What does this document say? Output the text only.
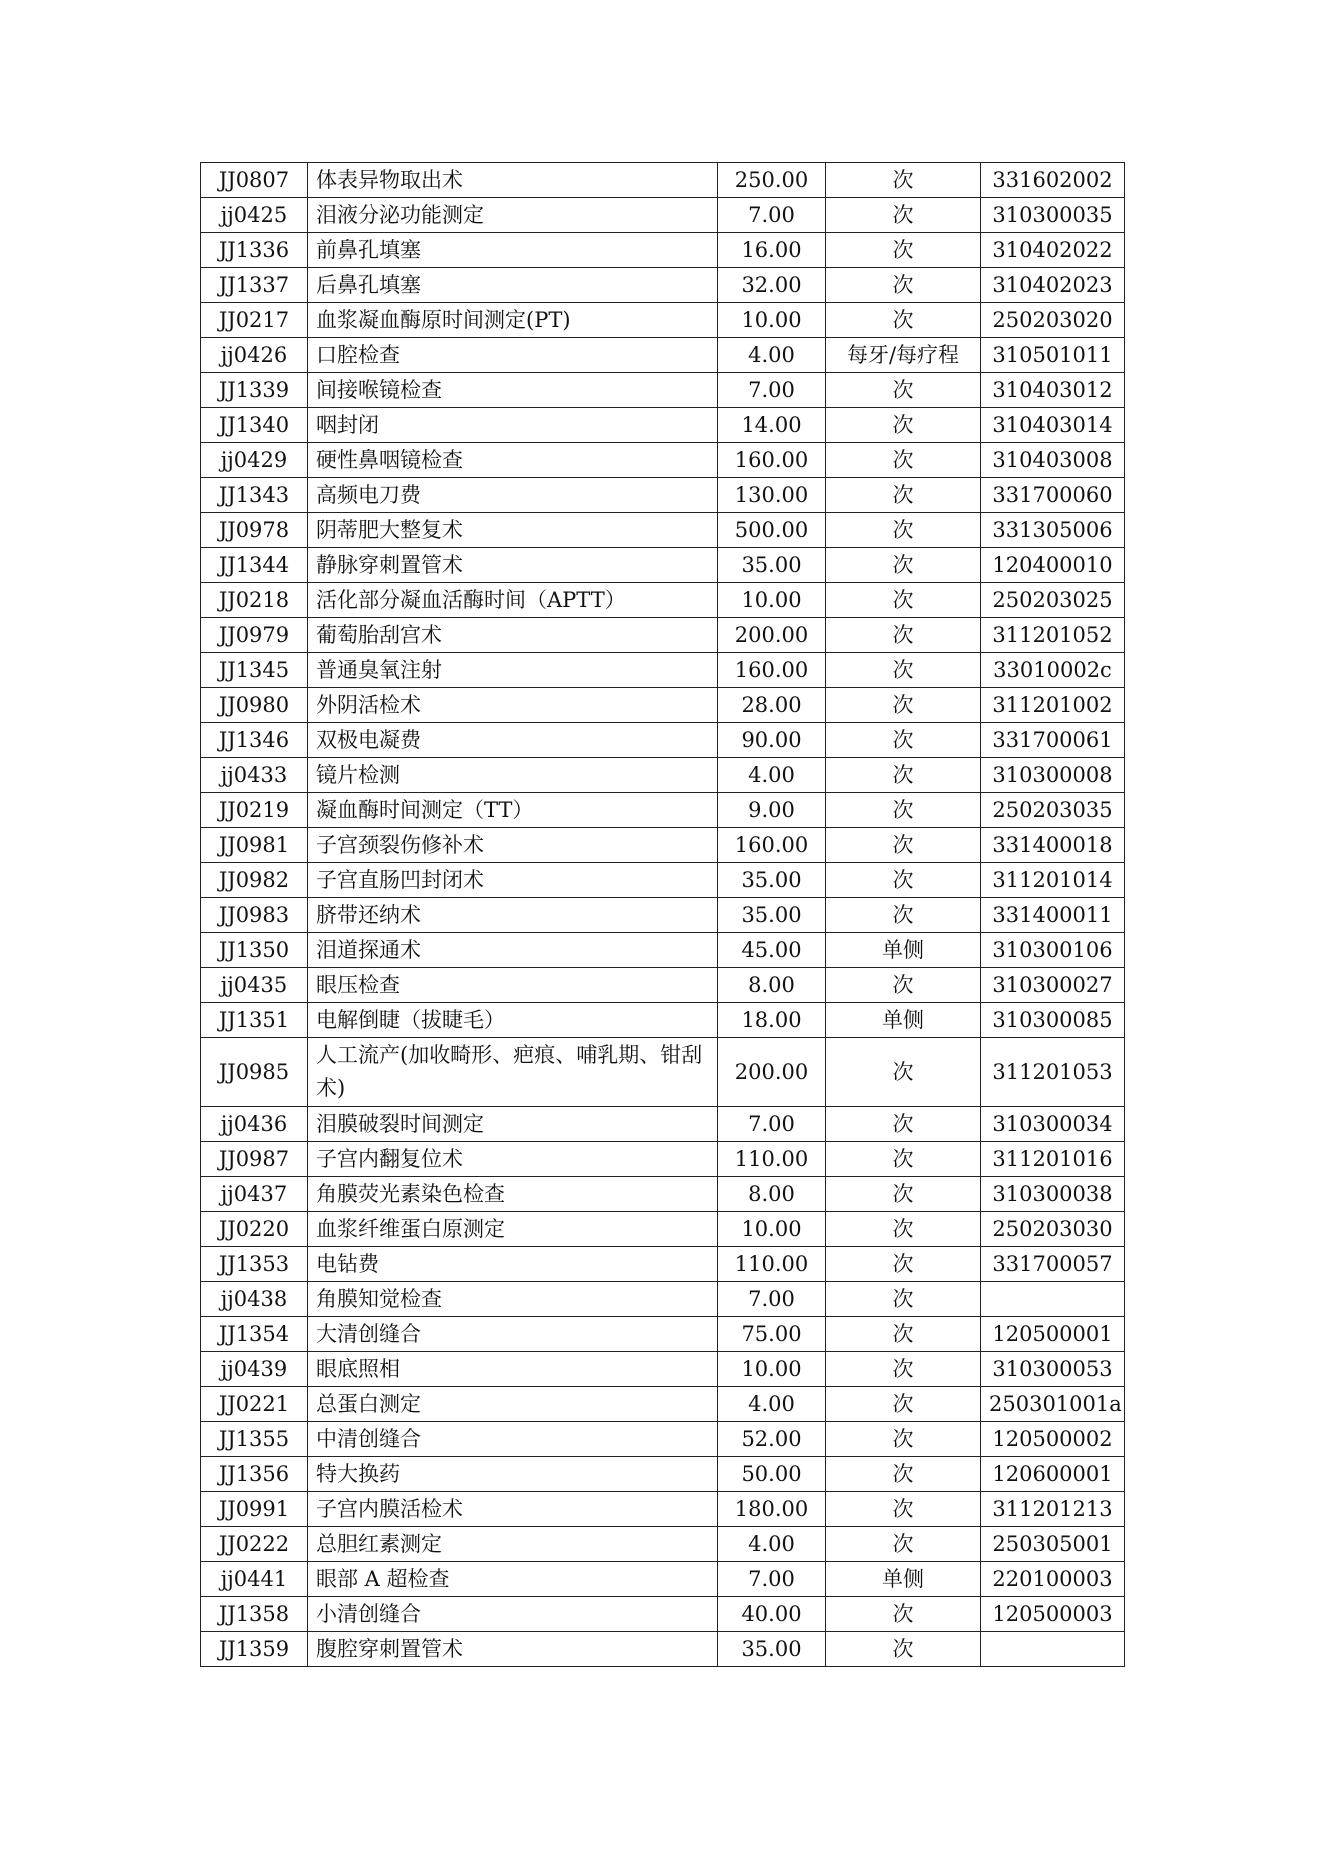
JJ0807	体表异物取出术	250.00	次	331602002
jj0425	泪液分泌功能测定	7.00	次	310300035
JJ1336	前鼻孔填塞	16.00	次	310402022
JJ1337	后鼻孔填塞	32.00	次	310402023
JJ0217	血浆凝血酶原时间测定(PT)	10.00	次	250203020
jj0426	口腔检查	4.00	每牙/每疗程	310501011
JJ1339	间接喉镜检查	7.00	次	310403012
JJ1340	咽封闭	14.00	次	310403014
jj0429	硬性鼻咽镜检查	160.00	次	310403008
JJ1343	高频电刀费	130.00	次	331700060
JJ0978	阴蒂肥大整复术	500.00	次	331305006
JJ1344	静脉穿刺置管术	35.00	次	120400010
JJ0218	活化部分凝血活酶时间（APTT）	10.00	次	250203025
JJ0979	葡萄胎刮宫术	200.00	次	311201052
JJ1345	普通臭氧注射	160.00	次	33010002c
JJ0980	外阴活检术	28.00	次	311201002
JJ1346	双极电凝费	90.00	次	331700061
jj0433	镜片检测	4.00	次	310300008
JJ0219	凝血酶时间测定（TT）	9.00	次	250203035
JJ0981	子宫颈裂伤修补术	160.00	次	331400018
JJ0982	子宫直肠凹封闭术	35.00	次	311201014
JJ0983	脐带还纳术	35.00	次	331400011
JJ1350	泪道探通术	45.00	单侧	310300106
jj0435	眼压检查	8.00	次	310300027
JJ1351	电解倒睫（拔睫毛）	18.00	单侧	310300085
JJ0985	人工流产(加收畸形、疤痕、哺乳期、钳刮术)	200.00	次	311201053
jj0436	泪膜破裂时间测定	7.00	次	310300034
JJ0987	子宫内翻复位术	110.00	次	311201016
jj0437	角膜荧光素染色检查	8.00	次	310300038
JJ0220	血浆纤维蛋白原测定	10.00	次	250203030
JJ1353	电钻费	110.00	次	331700057
jj0438	角膜知觉检查	7.00	次	
JJ1354	大清创缝合	75.00	次	120500001
jj0439	眼底照相	10.00	次	310300053
JJ0221	总蛋白测定	4.00	次	250301001a
JJ1355	中清创缝合	52.00	次	120500002
JJ1356	特大换药	50.00	次	120600001
JJ0991	子宫内膜活检术	180.00	次	311201213
JJ0222	总胆红素测定	4.00	次	250305001
jj0441	眼部 A 超检查	7.00	单侧	220100003
JJ1358	小清创缝合	40.00	次	120500003
JJ1359	腹腔穿刺置管术	35.00	次	
